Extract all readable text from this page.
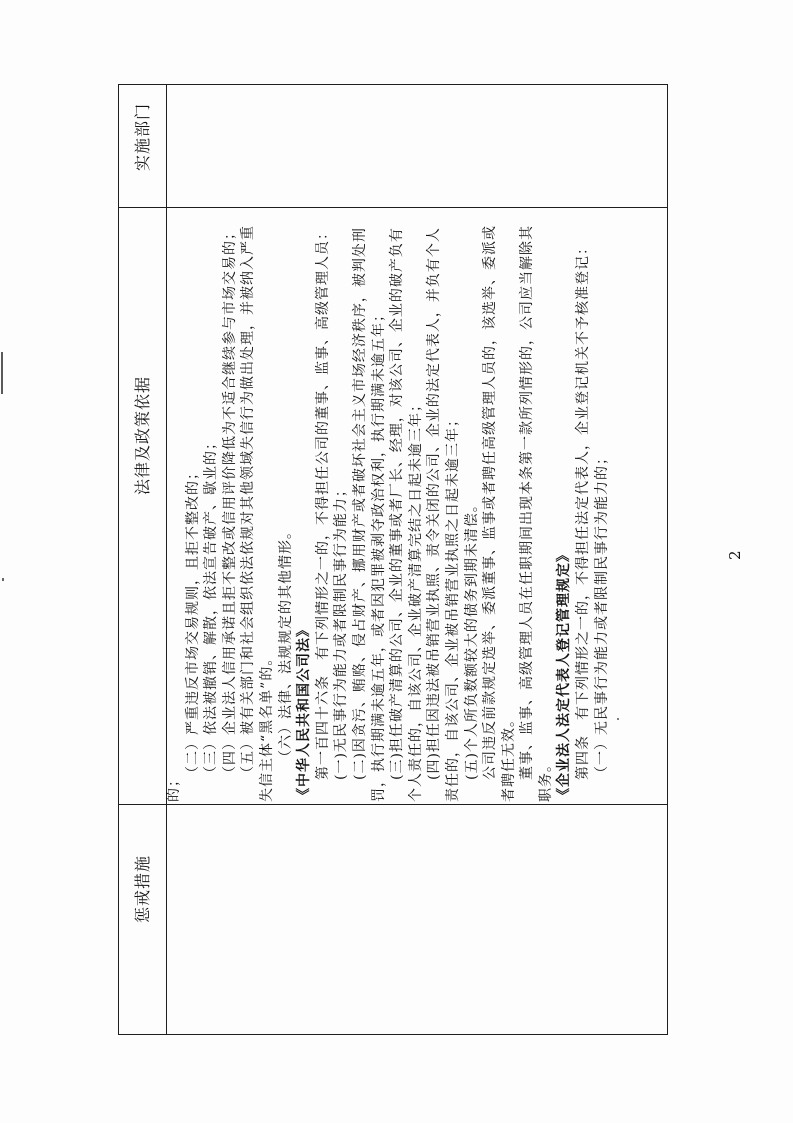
惩戒措施
法律及政策依据
实施部门
的；
（二）严重违反市场交易规则，且拒不整改的； （三）依法被撤销、解散，依法宣告破产、歇业的； （四）企业法人信用承诺且拒不整改或信用评价降低为不适合继续参与市场交易的； （五）被有关部门和社会组织依法依规对其他领域失信行为做出处理，并被纳入严重 失信主体“黑名单”的。 （六）法律、法规规定的其他情形。 《中华人民共和国公司法》 第一百四十六条　有下列情形之一的，不得担任公司的董事、监事、高级管理人员： (一)无民事行为能力或者限制民事行为能力； (二)因贪污、贿赂、侵占财产、挪用财产或者破坏社会主义市场经济秩序，被判处刑 罚，执行期满未逾五年，或者因犯罪被剥夺政治权利，执行期满未逾五年； (三)担任破产清算的公司、企业的董事或者厂长、经理，对该公司、企业的破产负有 个人责任的，自该公司、企业破产清算完结之日起未逾三年； (四)担任因违法被吊销营业执照、责令关闭的公司、企业的法定代表人，并负有个人 责任的，自该公司、企业被吊销营业执照之日起未逾三年； (五)个人所负数额较大的债务到期未清偿。 公司违反前款规定选举、委派董事、监事或者聘任高级管理人员的，该选举、委派或 者聘任无效。 董事、监事、高级管理人员在任职期间出现本条第一款所列情形的，公司应当解除其 职务。 《企业法人法定代表人登记管理规定》 第四条　有下列情形之一的，不得担任法定代表人，企业登记机关不予核准登记： （一）无民事行为能力或者限制民事行为能力的；	2
